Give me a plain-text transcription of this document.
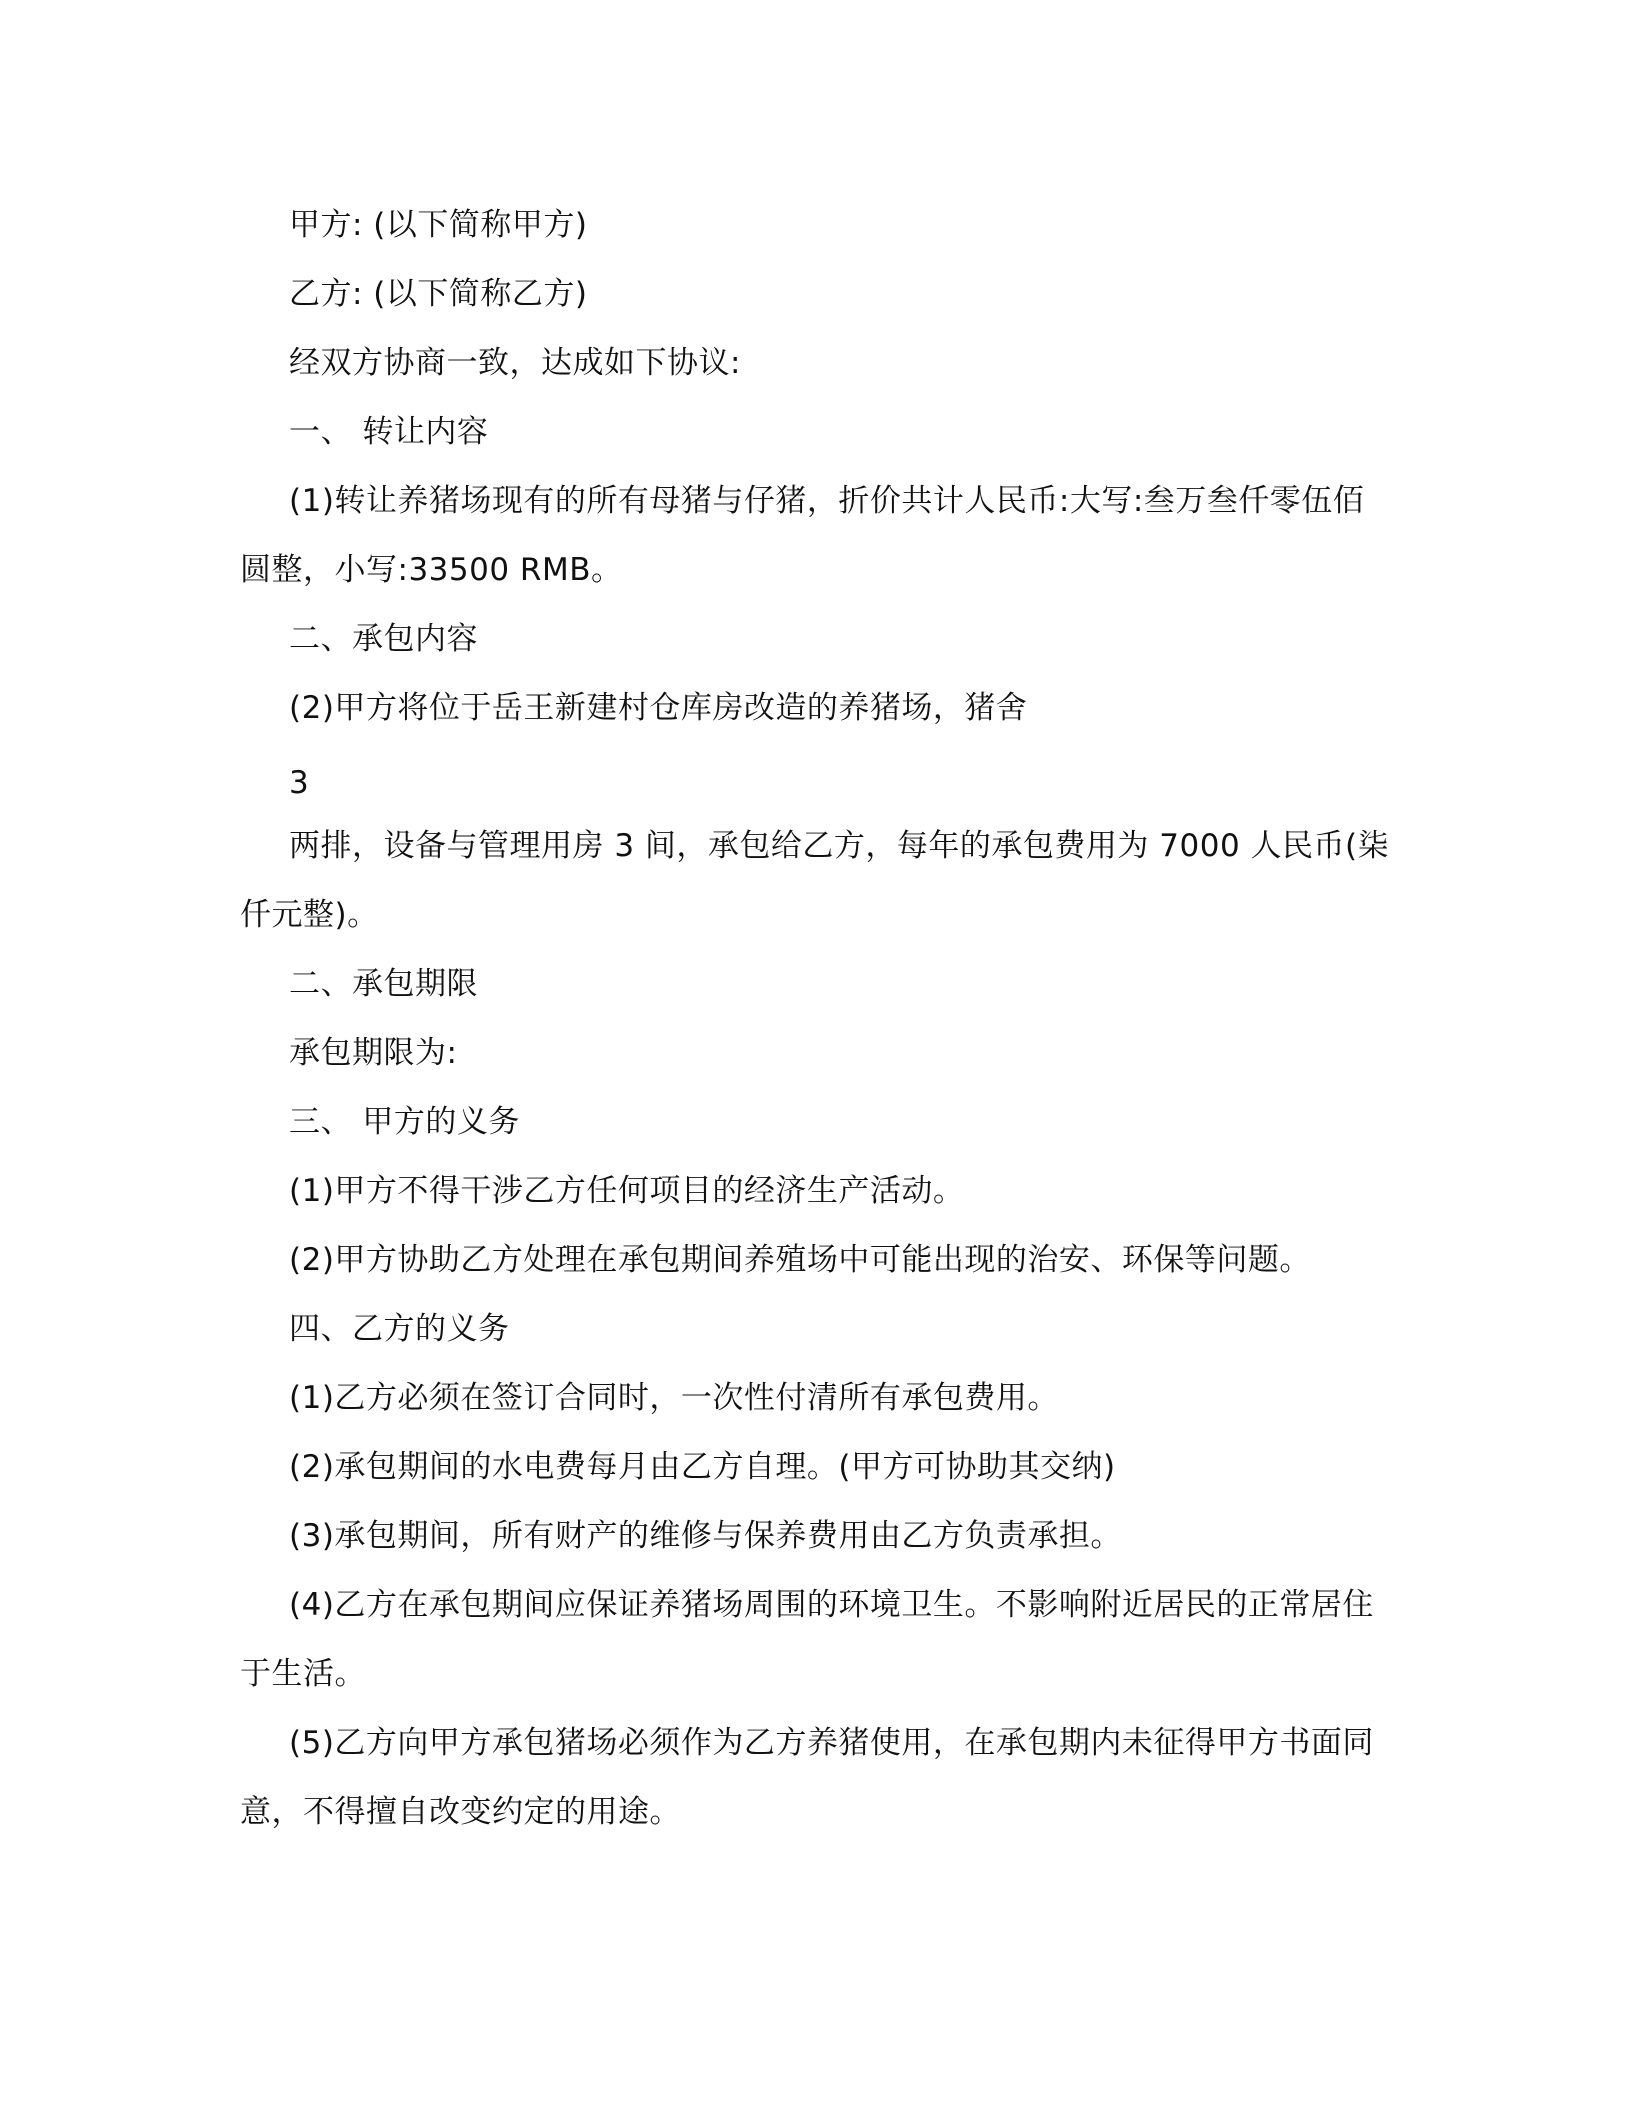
甲方: (以下简称甲方)

乙方: (以下简称乙方)

经双方协商一致，达成如下协议:

一、 转让内容

(1)转让养猪场现有的所有母猪与仔猪，折价共计人民币:大写:叁万叁仟零伍佰

圆整，小写:33500 RMB。

二、承包内容

(2)甲方将位于岳王新建村仓库房改造的养猪场，猪舍

3

两排，设备与管理用房 3 间，承包给乙方，每年的承包费用为 7000 人民币(柒

仟元整)。

二、承包期限

承包期限为:

三、 甲方的义务

(1)甲方不得干涉乙方任何项目的经济生产活动。

(2)甲方协助乙方处理在承包期间养殖场中可能出现的治安、环保等问题。

四、乙方的义务

(1)乙方必须在签订合同时，一次性付清所有承包费用。

(2)承包期间的水电费每月由乙方自理。(甲方可协助其交纳)

(3)承包期间，所有财产的维修与保养费用由乙方负责承担。

(4)乙方在承包期间应保证养猪场周围的环境卫生。不影响附近居民的正常居住

于生活。

(5)乙方向甲方承包猪场必须作为乙方养猪使用，在承包期内未征得甲方书面同

意，不得擅自改变约定的用途。
